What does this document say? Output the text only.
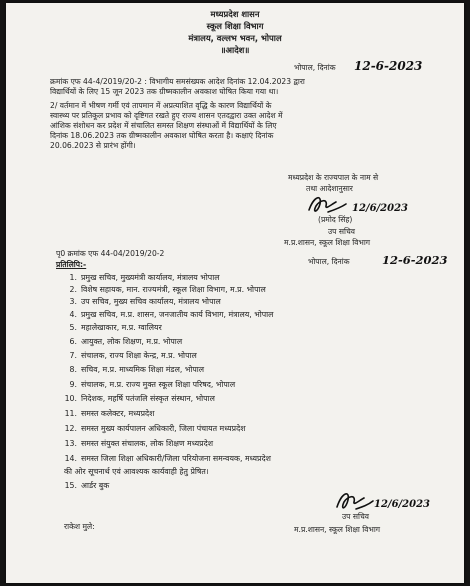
मध्यप्रदेश शासन
स्कूल शिक्षा विभाग
मंत्रालय, वल्लभ भवन, भोपाल
॥आदेश॥
भोपाल, दिनांक 12-6-2023
क्रमांक एफ 44-4/2019/20-2 : विभागीय समसंख्यक आदेश दिनांक 12.04.2023 द्वारा
विद्यार्थियों के लिए 15 जून 2023 तक ग्रीष्मकालीन अवकाश घोषित किया गया था।
2/ वर्तमान में भीषण गर्मी एवं तापमान में अप्रत्याशित वृद्धि के कारण विद्यार्थियों के
स्वास्थ्य पर प्रतिकूल प्रभाव को दृष्टिगत रखते हुए राज्य शासन एतदद्वारा उक्त आदेश में
आंशिक संशोधन कर प्रदेश में संचालित समस्त शिक्षण संस्थाओं में विद्यार्थियों के लिए
दिनांक 18.06.2023 तक ग्रीष्मकालीन अवकाश घोषित करता है। कक्षाएं दिनांक
20.06.2023 से प्रारंभ होंगी।
मध्यप्रदेश के राज्यपाल के नाम से
तथा आदेशानुसार
12/6/2023
(प्रमोद सिंह)
उप सचिव
म.प्र.शासन, स्कूल शिक्षा विभाग
भोपाल, दिनांक	12-6-2023
पृ0 क्रमांक एफ 44-04/2019/20-2
प्रतिलिपि:-
1. प्रमुख सचिव, मुख्यमंत्री कार्यालय, मंत्रालय भोपाल
2. विशेष सहायक, मान. राज्यमंत्री, स्कूल शिक्षा विभाग, म.प्र. भोपाल
3. उप सचिव, मुख्य सचिव कार्यालय, मंत्रालय भोपाल
4. प्रमुख सचिव, म.प्र. शासन, जनजातीय कार्य विभाग, मंत्रालय, भोपाल
5. महालेखाकार, म.प्र. ग्वालियर
6. आयुक्त, लोक शिक्षण, म.प्र. भोपाल
7. संचालक, राज्य शिक्षा केन्द्र, म.प्र. भोपाल
8. सचिव, म.प्र. माध्यमिक शिक्षा मंडल, भोपाल
9. संचालक, म.प्र. राज्य मुक्त स्कूल शिक्षा परिषद, भोपाल
10. निदेशक, महर्षि पतंजलि संस्कृत संस्थान, भोपाल
11. समस्त कलेक्टर, मध्यप्रदेश
12. समस्त मुख्य कार्यपालन अधिकारी, जिला पंचायत मध्यप्रदेश
13. समस्त संयुक्त संचालक, लोक शिक्षण मध्यप्रदेश
14. समस्त जिला शिक्षा अधिकारी/जिला परियोजना समन्वयक, मध्यप्रदेश
की ओर सूचनार्थ एवं आवश्यक कार्यवाही हेतु प्रेषित।
15. आर्डर बुक
12/6/2023
उप सचिव
म.प्र.शासन, स्कूल शिक्षा विभाग
राकेश मुले:
